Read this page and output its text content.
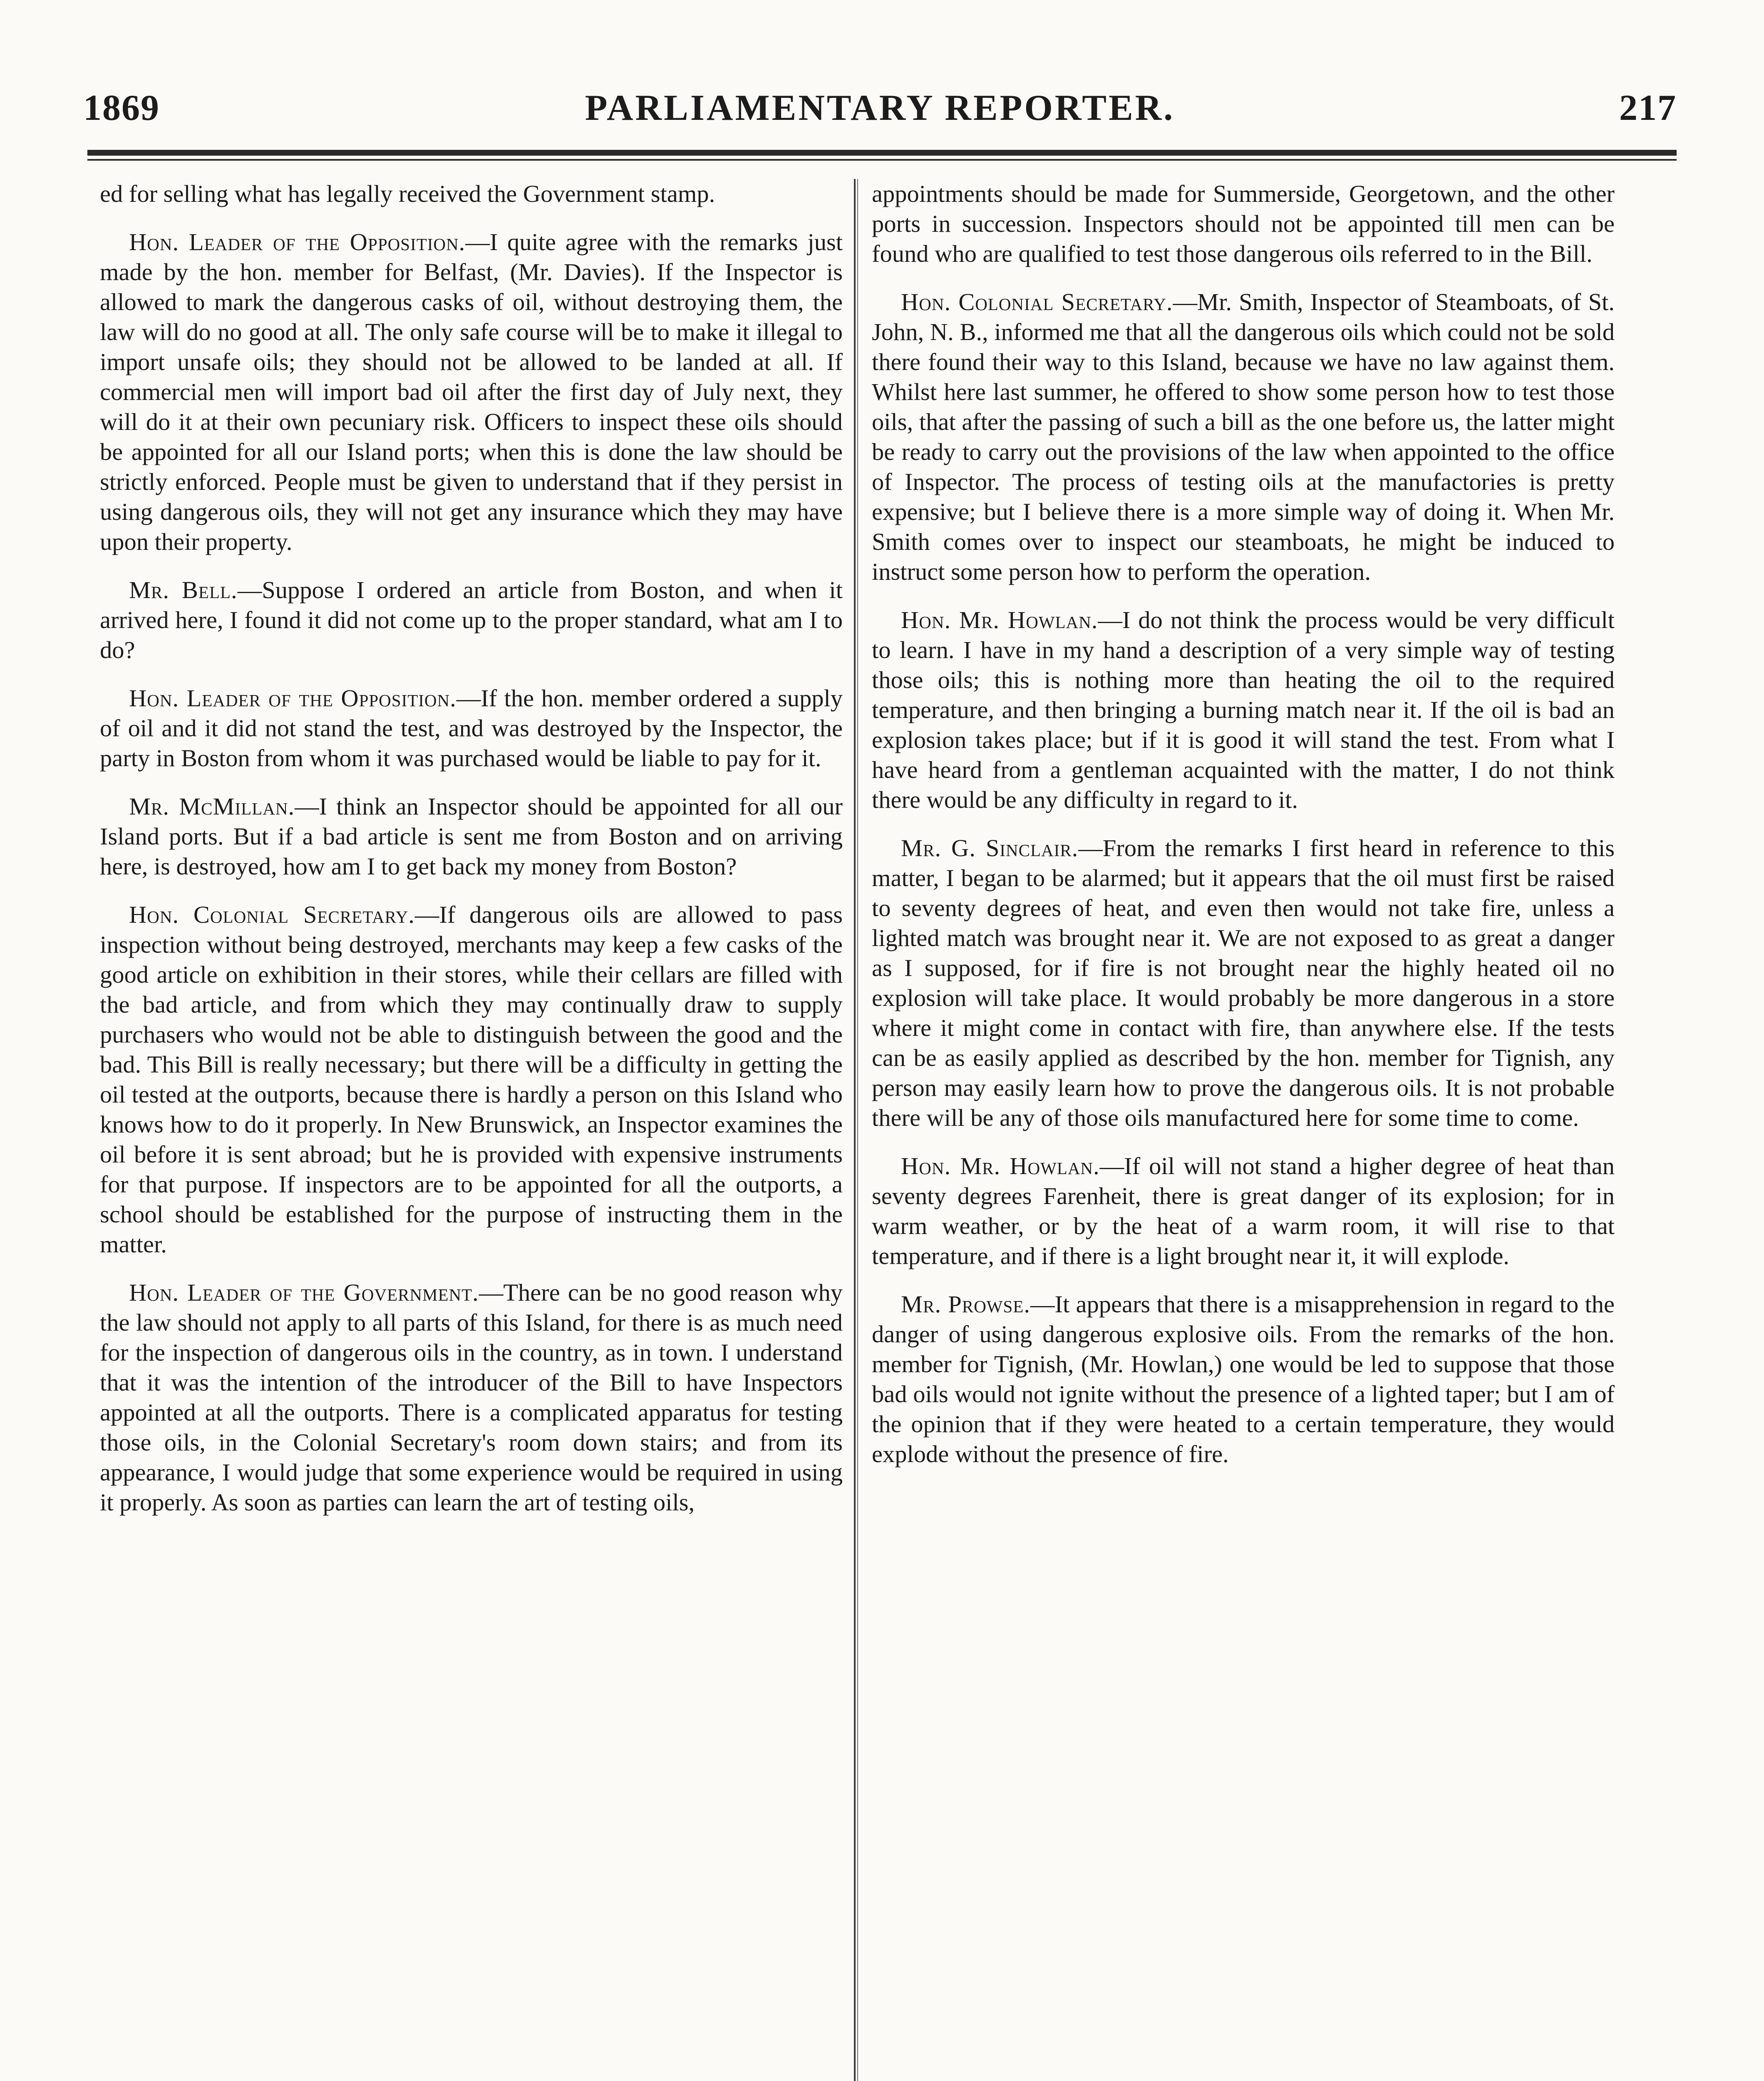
1869	PARLIAMENTARY REPORTER.	217

ed for selling what has legally received the Government stamp.

Hon. Leader of the Opposition.—I quite agree with the remarks just made by the hon. member for Belfast, (Mr. Davies). If the Inspector is allowed to mark the dangerous casks of oil, without destroying them, the law will do no good at all. The only safe course will be to make it illegal to import unsafe oils; they should not be allowed to be landed at all. If commercial men will import bad oil after the first day of July next, they will do it at their own pecuniary risk. Officers to inspect these oils should be appointed for all our Island ports; when this is done the law should be strictly enforced. People must be given to understand that if they persist in using dangerous oils, they will not get any insurance which they may have upon their property.

Mr. Bell.—Suppose I ordered an article from Boston, and when it arrived here, I found it did not come up to the proper standard, what am I to do?

Hon. Leader of the Opposition.—If the hon. member ordered a supply of oil and it did not stand the test, and was destroyed by the Inspector, the party in Boston from whom it was purchased would be liable to pay for it.

Mr. McMillan.—I think an Inspector should be appointed for all our Island ports. But if a bad article is sent me from Boston and on arriving here, is destroyed, how am I to get back my money from Boston?

Hon. Colonial Secretary.—If dangerous oils are allowed to pass inspection without being destroyed, merchants may keep a few casks of the good article on exhibition in their stores, while their cellars are filled with the bad article, and from which they may continually draw to supply purchasers who would not be able to distinguish between the good and the bad. This Bill is really necessary; but there will be a difficulty in getting the oil tested at the outports, because there is hardly a person on this Island who knows how to do it properly. In New Brunswick, an Inspector examines the oil before it is sent abroad; but he is provided with expensive instruments for that purpose. If inspectors are to be appointed for all the outports, a school should be established for the purpose of instructing them in the matter.

Hon. Leader of the Government.—There can be no good reason why the law should not apply to all parts of this Island, for there is as much need for the inspection of dangerous oils in the country, as in town. I understand that it was the intention of the introducer of the Bill to have Inspectors appointed at all the outports. There is a complicated apparatus for testing those oils, in the Colonial Secretary's room down stairs; and from its appearance, I would judge that some experience would be required in using it properly. As soon as parties can learn the art of testing oils,

appointments should be made for Summerside, Georgetown, and the other ports in succession. Inspectors should not be appointed till men can be found who are qualified to test those dangerous oils referred to in the Bill.

Hon. Colonial Secretary.—Mr. Smith, Inspector of Steamboats, of St. John, N. B., informed me that all the dangerous oils which could not be sold there found their way to this Island, because we have no law against them. Whilst here last summer, he offered to show some person how to test those oils, that after the passing of such a bill as the one before us, the latter might be ready to carry out the provisions of the law when appointed to the office of Inspector. The process of testing oils at the manufactories is pretty expensive; but I believe there is a more simple way of doing it. When Mr. Smith comes over to inspect our steamboats, he might be induced to instruct some person how to perform the operation.

Hon. Mr. Howlan.—I do not think the process would be very difficult to learn. I have in my hand a description of a very simple way of testing those oils; this is nothing more than heating the oil to the required temperature, and then bringing a burning match near it. If the oil is bad an explosion takes place; but if it is good it will stand the test. From what I have heard from a gentleman acquainted with the matter, I do not think there would be any difficulty in regard to it.

Mr. G. Sinclair.—From the remarks I first heard in reference to this matter, I began to be alarmed; but it appears that the oil must first be raised to seventy degrees of heat, and even then would not take fire, unless a lighted match was brought near it. We are not exposed to as great a danger as I supposed, for if fire is not brought near the highly heated oil no explosion will take place. It would probably be more dangerous in a store where it might come in contact with fire, than anywhere else. If the tests can be as easily applied as described by the hon. member for Tignish, any person may easily learn how to prove the dangerous oils. It is not probable there will be any of those oils manufactured here for some time to come.

Hon. Mr. Howlan.—If oil will not stand a higher degree of heat than seventy degrees Farenheit, there is great danger of its explosion; for in warm weather, or by the heat of a warm room, it will rise to that temperature, and if there is a light brought near it, it will explode.

Mr. Prowse.—It appears that there is a misapprehension in regard to the danger of using dangerous explosive oils. From the remarks of the hon. member for Tignish, (Mr. Howlan,) one would be led to suppose that those bad oils would not ignite without the presence of a lighted taper; but I am of the opinion that if they were heated to a certain temperature, they would explode without the presence of fire.
